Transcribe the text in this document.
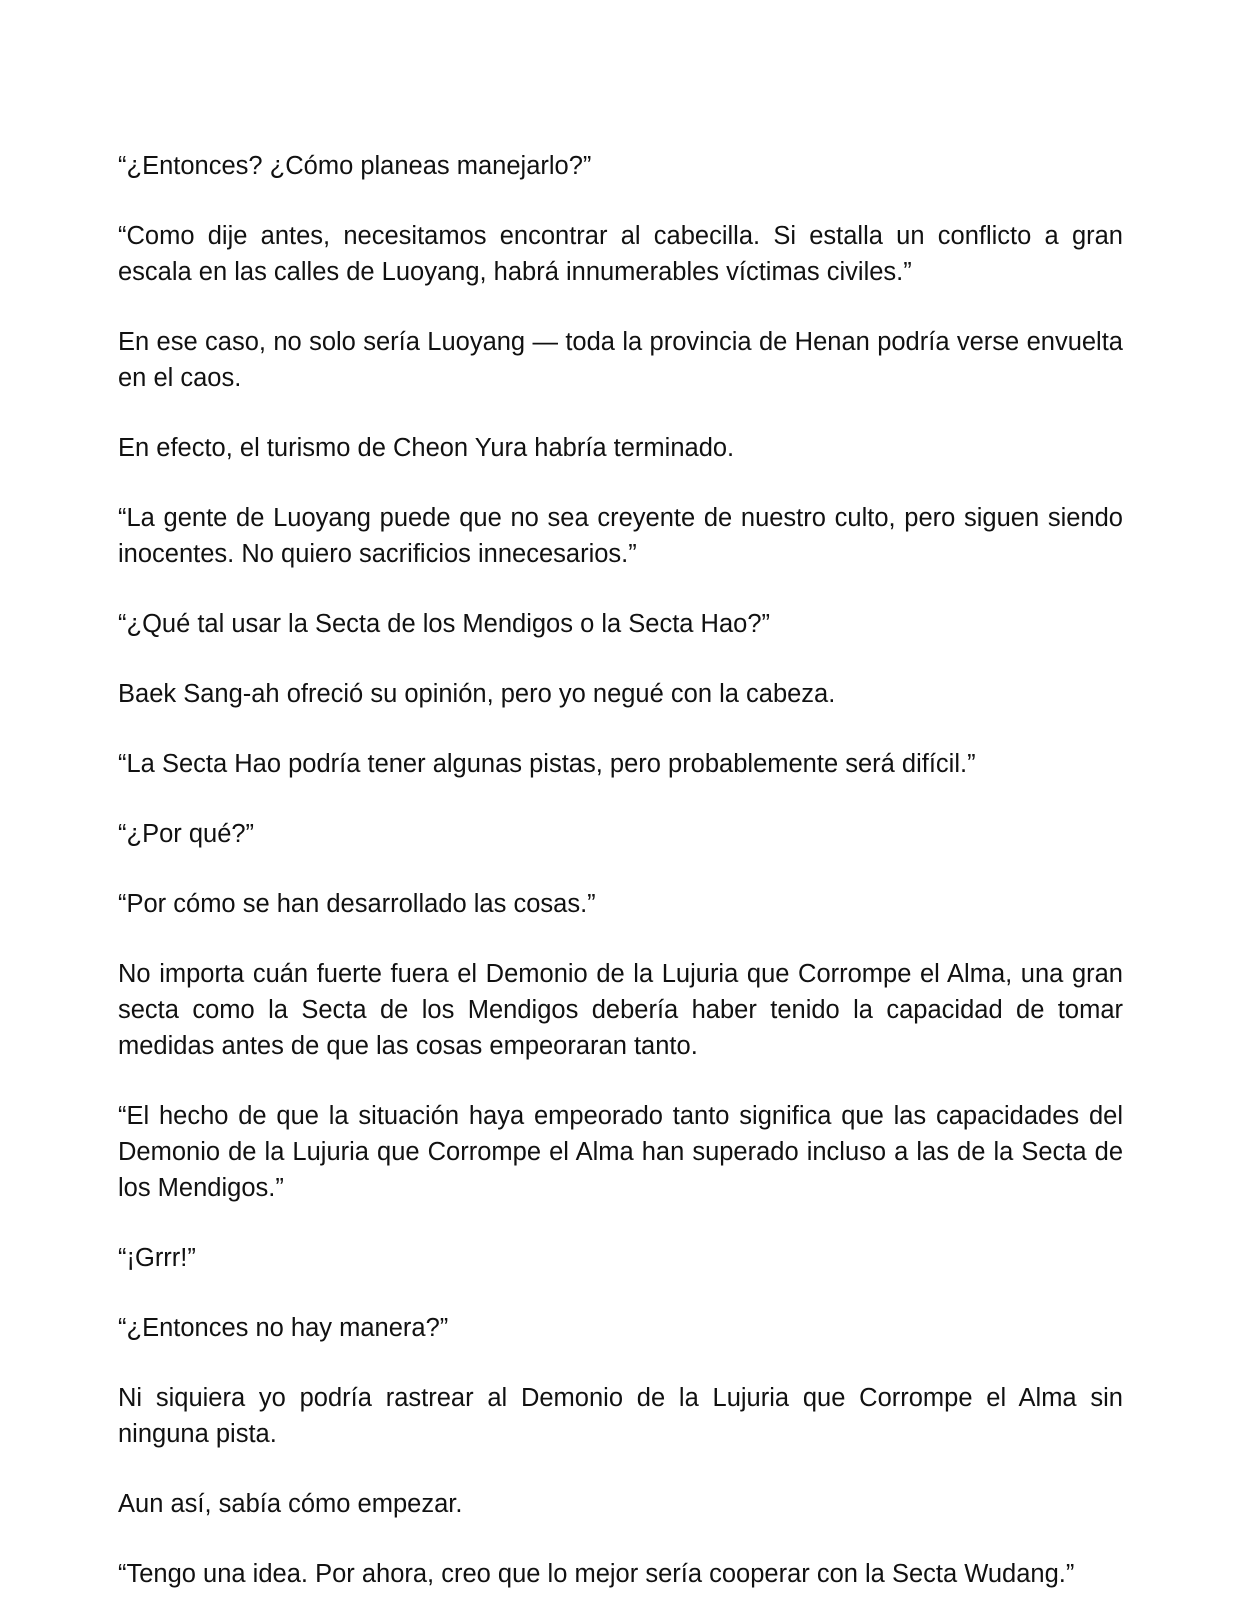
“¿Entonces? ¿Cómo planeas manejarlo?”

“Como dije antes, necesitamos encontrar al cabecilla. Si estalla un conflicto a gran escala en las calles de Luoyang, habrá innumerables víctimas civiles.”

En ese caso, no solo sería Luoyang — toda la provincia de Henan podría verse envuelta en el caos.

En efecto, el turismo de Cheon Yura habría terminado.

“La gente de Luoyang puede que no sea creyente de nuestro culto, pero siguen siendo inocentes. No quiero sacrificios innecesarios.”

“¿Qué tal usar la Secta de los Mendigos o la Secta Hao?”

Baek Sang-ah ofreció su opinión, pero yo negué con la cabeza.

“La Secta Hao podría tener algunas pistas, pero probablemente será difícil.”

“¿Por qué?”

“Por cómo se han desarrollado las cosas.”

No importa cuán fuerte fuera el Demonio de la Lujuria que Corrompe el Alma, una gran secta como la Secta de los Mendigos debería haber tenido la capacidad de tomar medidas antes de que las cosas empeoraran tanto.

“El hecho de que la situación haya empeorado tanto significa que las capacidades del Demonio de la Lujuria que Corrompe el Alma han superado incluso a las de la Secta de los Mendigos.”

“¡Grrr!”

“¿Entonces no hay manera?”

Ni siquiera yo podría rastrear al Demonio de la Lujuria que Corrompe el Alma sin ninguna pista.

Aun así, sabía cómo empezar.

“Tengo una idea. Por ahora, creo que lo mejor sería cooperar con la Secta Wudang.”
